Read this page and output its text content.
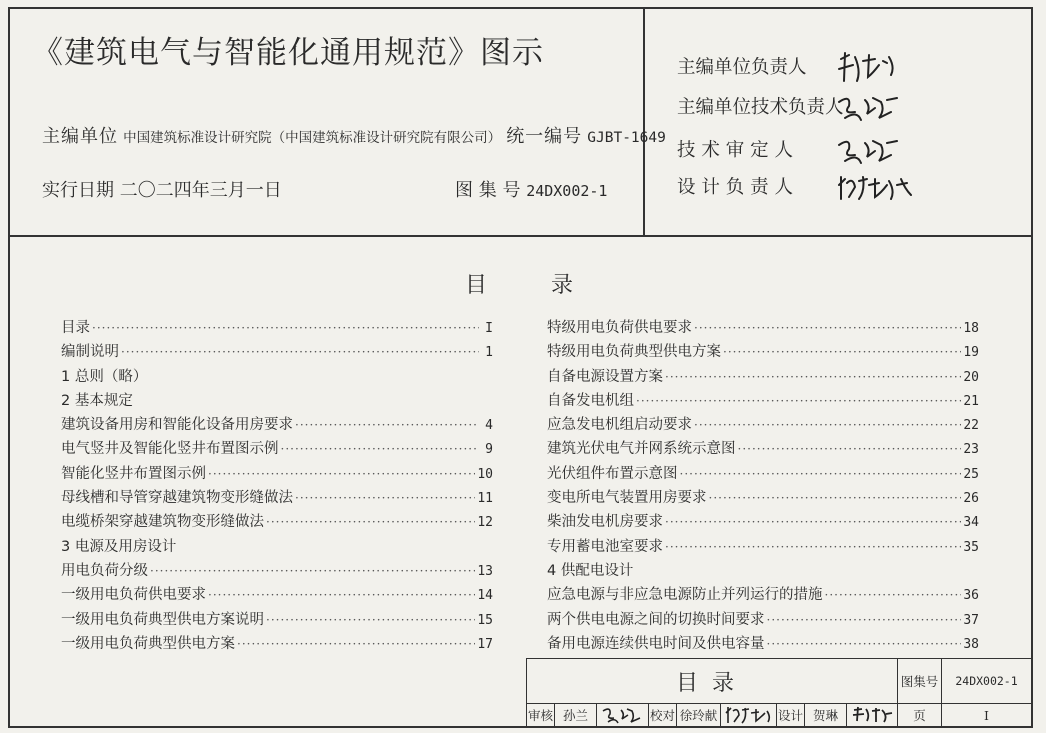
《建筑电气与智能化通用规范》图示
主编单位 中国建筑标准设计研究院（中国建筑标准设计研究院有限公司） 统一编号 GJBT-1649
实行日期 二〇二四年三月一日	图 集 号 24DX002-1
主编单位负责人
主编单位技术负责人
技 术 审 定 人
设 计 负 责 人
目	录
目录 ·····	I
编制说明 ·····	1
1 总则（略）
2 基本规定
建筑设备用房和智能化设备用房要求 ·····	4
电气竖井及智能化竖井布置图示例 ·····	9
智能化竖井布置图示例 ·····	10
母线槽和导管穿越建筑物变形缝做法 ·····	11
电缆桥架穿越建筑物变形缝做法 ·····	12
3 电源及用房设计
用电负荷分级 ·····	13
一级用电负荷供电要求 ·····	14
一级用电负荷典型供电方案说明 ·····	15
一级用电负荷典型供电方案 ·····	17
特级用电负荷供电要求 ·····	18
特级用电负荷典型供电方案 ·····	19
自备电源设置方案 ·····	20
自备发电机组 ·····	21
应急发电机组启动要求 ·····	22
建筑光伏电气并网系统示意图 ·····	23
光伏组件布置示意图 ·····	25
变电所电气装置用房要求 ·····	26
柴油发电机房要求 ·····	34
专用蓄电池室要求 ·····	35
4 供配电设计
应急电源与非应急电源防止并列运行的措施 ·····	36
两个供电电源之间的切换时间要求 ·····	37
备用电源连续供电时间及供电容量 ·····	38
目录	图集号	24DX002-1
审核 孙兰	校对 徐玲献	设计 贺琳	页	I
